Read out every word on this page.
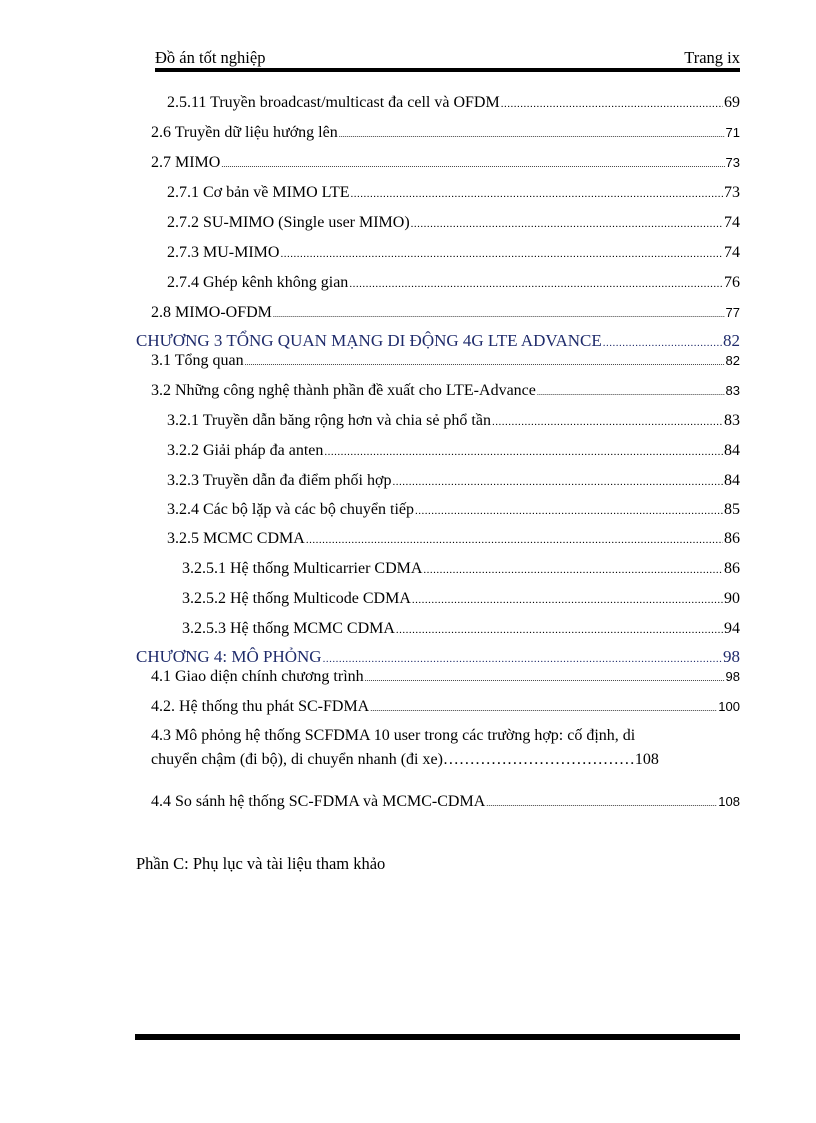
Đồ án tốt nghiệp	Trang ix
2.5.11 Truyền broadcast/multicast đa cell và OFDM .....	69
2.6 Truyền dữ liệu hướng lên .....	71
2.7 MIMO .....	73
2.7.1 Cơ bản về MIMO LTE .....	73
2.7.2 SU-MIMO (Single user MIMO) .....	74
2.7.3 MU-MIMO .....	74
2.7.4 Ghép kênh không gian .....	76
2.8 MIMO-OFDM .....	77
CHƯƠNG 3 TỔNG QUAN MẠNG DI ĐỘNG 4G LTE ADVANCE .....	82
3.1 Tổng quan .....	82
3.2 Những công nghệ thành phần đề xuất cho LTE-Advance .....	83
3.2.1 Truyền dẫn băng rộng hơn và chia sẻ phổ tần .....	83
3.2.2 Giải pháp đa anten .....	84
3.2.3 Truyền dẫn đa điểm phối hợp .....	84
3.2.4 Các bộ lặp và các bộ chuyển tiếp .....	85
3.2.5 MCMC CDMA .....	86
3.2.5.1 Hệ thống Multicarrier CDMA .....	86
3.2.5.2 Hệ thống Multicode CDMA .....	90
3.2.5.3 Hệ thống MCMC CDMA .....	94
CHƯƠNG 4: MÔ PHỎNG .....	98
4.1 Giao diện chính chương trình .....	98
4.2. Hệ thống thu phát SC-FDMA .....	100
4.3 Mô phỏng hệ thống SCFDMA 10 user trong các trường hợp: cố định, di
chuyển chậm (đi bộ), di chuyển nhanh (đi xe)………………………………108
4.4 So sánh hệ thống SC-FDMA và MCMC-CDMA .....	108
Phần C: Phụ lục và tài liệu tham khảo
